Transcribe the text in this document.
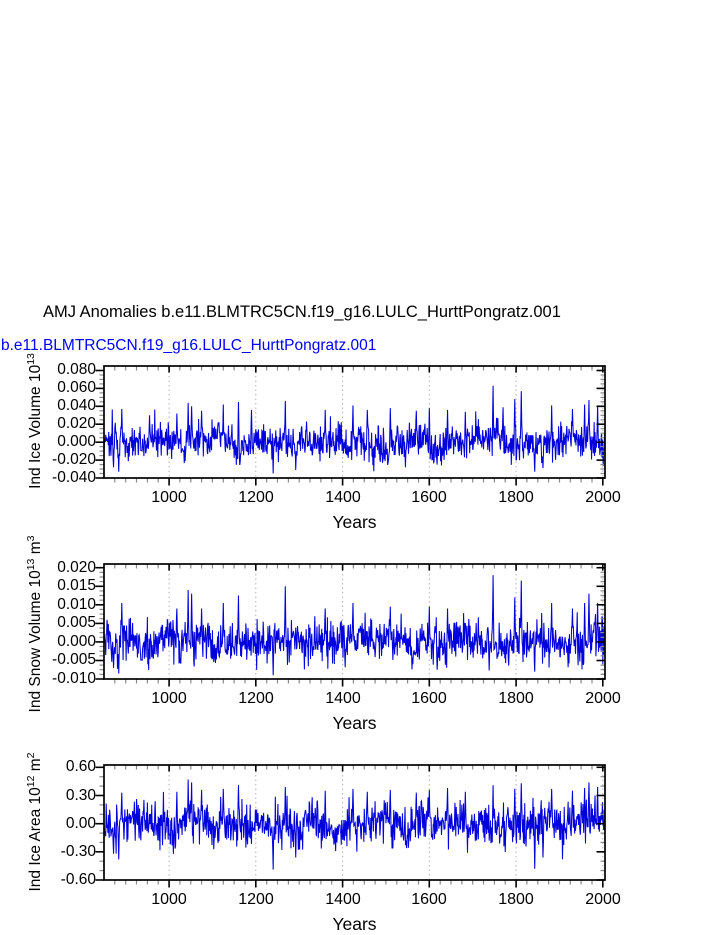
AMJ Anomalies b.e11.BLMTRC5CN.f19_g16.LULC_HurttPongratz.001
b.e11.BLMTRC5CN.f19_g16.LULC_HurttPongratz.001
Ind Ice Volume $10^{13}$
Ind Snow Volume $10^{13}$ $m^3$
Ind Ice Area $10^{12}$ $m^2$
Years
Years
Years
0.080
0.060
0.040
0.020
0.000
-0.020
-0.040
1000	1200	1400	1600	1800	2000
0.020
0.015
0.010
0.005
0.000
-0.005
-0.010
1000	1200	1400	1600	1800	2000
0.60
0.30
0.00
-0.30
-0.60
1000	1200	1400	1600	1800	2000
